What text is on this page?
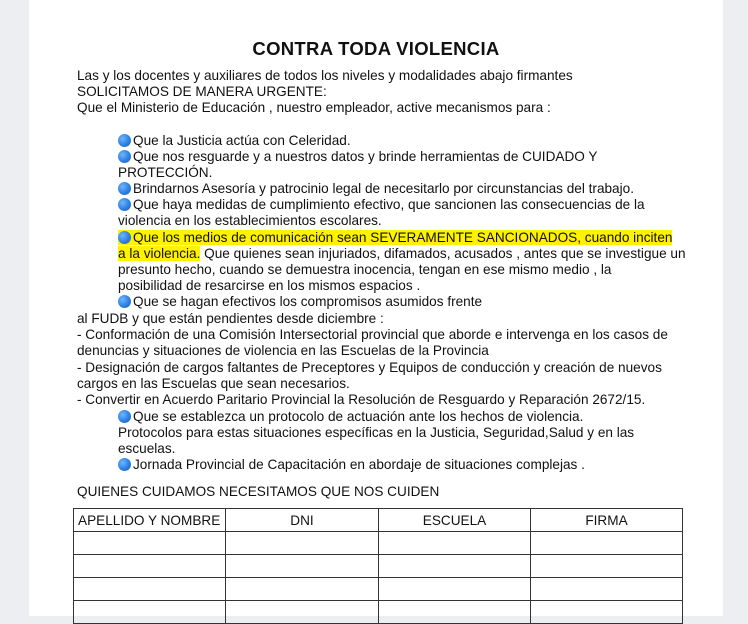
CONTRA TODA VIOLENCIA
Las y los docentes y auxiliares de todos los niveles y modalidades abajo firmantes
SOLICITAMOS DE MANERA URGENTE:
Que el Ministerio de Educación , nuestro empleador, active mecanismos para :
Que la Justicia actúa con Celeridad.
Que nos resguarde y a nuestros datos y brinde herramientas de CUIDADO Y
PROTECCIÓN.
Brindarnos Asesoría y patrocinio legal de necesitarlo por circunstancias del trabajo.
Que haya medidas de cumplimiento efectivo, que sancionen las consecuencias de la
violencia en los establecimientos escolares.
Que los medios de comunicación sean SEVERAMENTE SANCIONADOS, cuando inciten
a la violencia. Que quienes sean injuriados, difamados, acusados , antes que se investigue un
presunto hecho, cuando se demuestra inocencia, tengan en ese mismo medio , la
posibilidad de resarcirse en los mismos espacios .
Que se hagan efectivos los compromisos asumidos frente
al FUDB y que están pendientes desde diciembre :
- Conformación de una Comisión Intersectorial provincial que aborde e intervenga en los casos de
denuncias y situaciones de violencia en las Escuelas de la Provincia
- Designación de cargos faltantes de Preceptores y Equipos de conducción y creación de nuevos
cargos en las Escuelas que sean necesarios.
- Convertir en Acuerdo Paritario Provincial la Resolución de Resguardo y Reparación 2672/15.
Que se establezca un protocolo de actuación ante los hechos de violencia.
Protocolos para estas situaciones específicas en la Justicia, Seguridad,Salud y en las
escuelas.
Jornada Provincial de Capacitación en abordaje de situaciones complejas .
QUIENES CUIDAMOS NECESITAMOS QUE NOS CUIDEN
APELLIDO Y NOMBRE	DNI	ESCUELA	FIRMA
